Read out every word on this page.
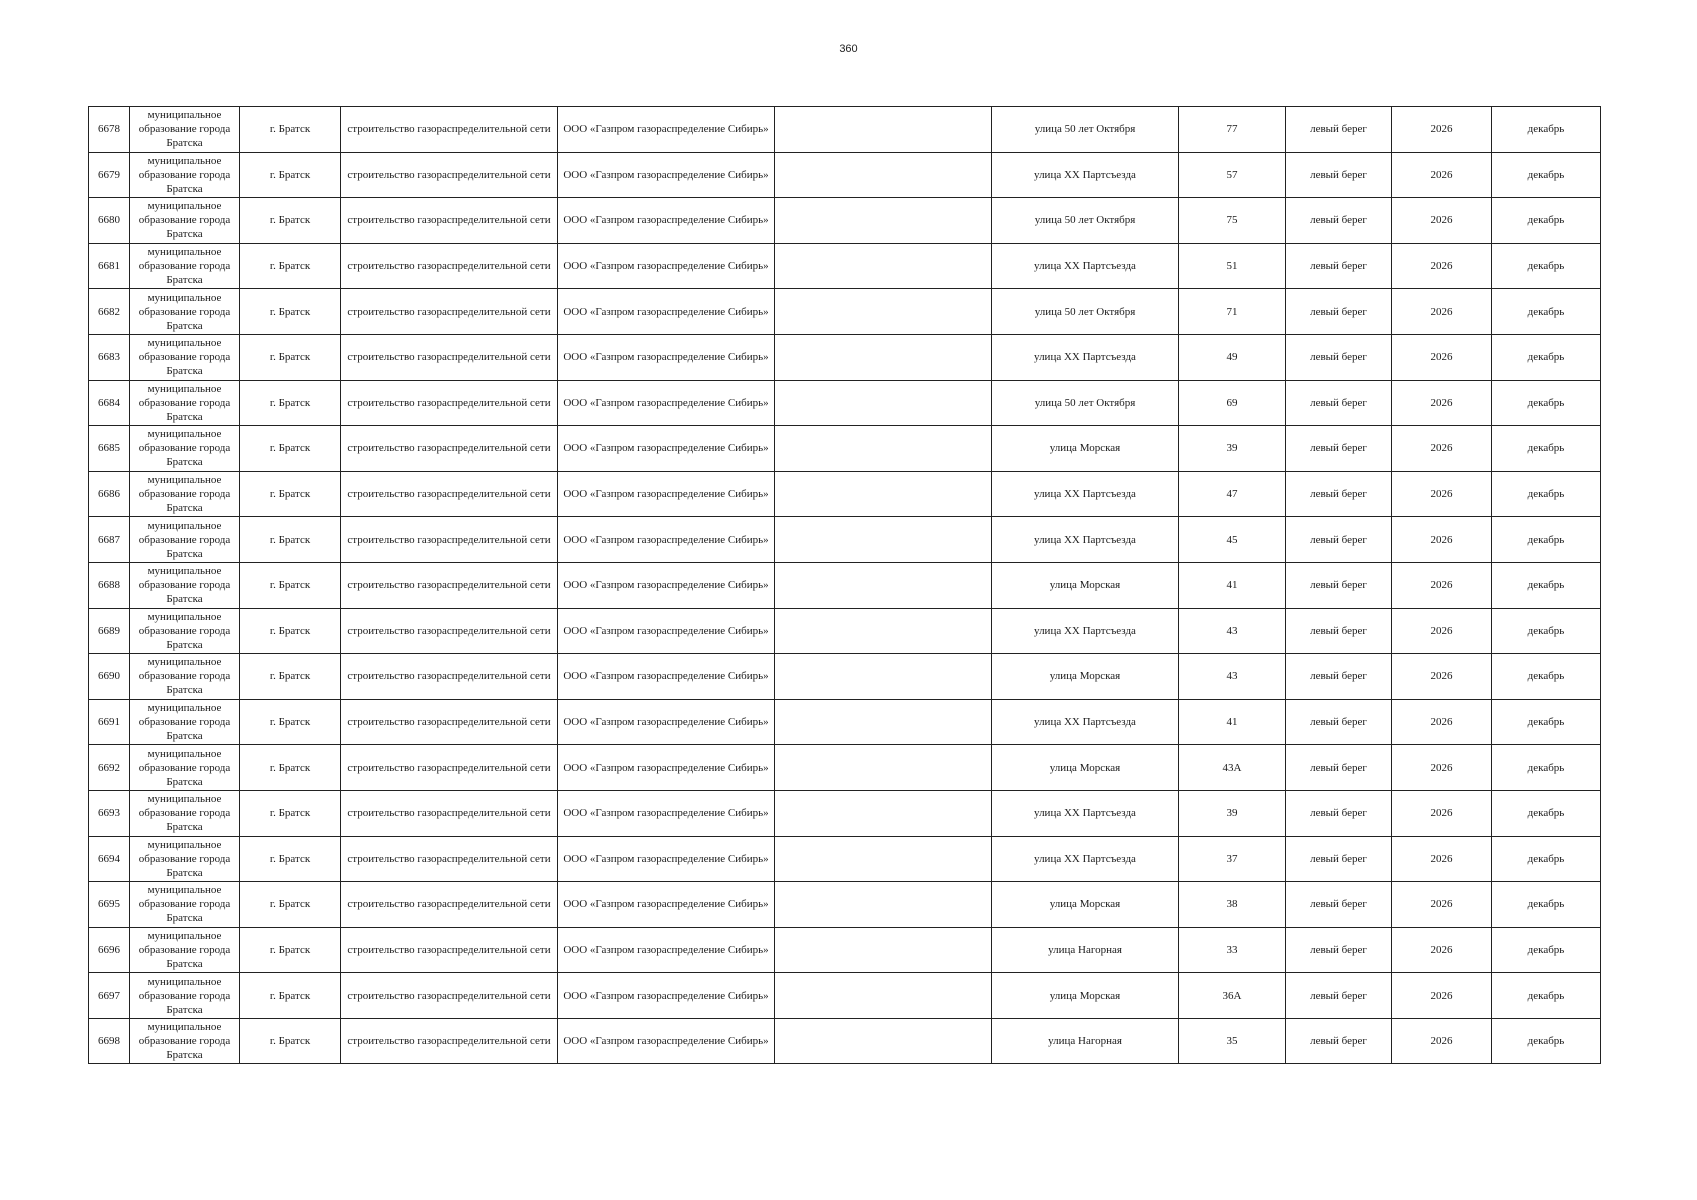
360
6678	муниципальное образование города Братска	г. Братск	строительство газораспределительной сети	ООО «Газпром газораспределение Сибирь»		улица 50 лет Октября	77	левый берег	2026	декабрь
6679	муниципальное образование города Братска	г. Братск	строительство газораспределительной сети	ООО «Газпром газораспределение Сибирь»		улица XX Партсъезда	57	левый берег	2026	декабрь
6680	муниципальное образование города Братска	г. Братск	строительство газораспределительной сети	ООО «Газпром газораспределение Сибирь»		улица 50 лет Октября	75	левый берег	2026	декабрь
6681	муниципальное образование города Братска	г. Братск	строительство газораспределительной сети	ООО «Газпром газораспределение Сибирь»		улица XX Партсъезда	51	левый берег	2026	декабрь
6682	муниципальное образование города Братска	г. Братск	строительство газораспределительной сети	ООО «Газпром газораспределение Сибирь»		улица 50 лет Октября	71	левый берег	2026	декабрь
6683	муниципальное образование города Братска	г. Братск	строительство газораспределительной сети	ООО «Газпром газораспределение Сибирь»		улица XX Партсъезда	49	левый берег	2026	декабрь
6684	муниципальное образование города Братска	г. Братск	строительство газораспределительной сети	ООО «Газпром газораспределение Сибирь»		улица 50 лет Октября	69	левый берег	2026	декабрь
6685	муниципальное образование города Братска	г. Братск	строительство газораспределительной сети	ООО «Газпром газораспределение Сибирь»		улица Морская	39	левый берег	2026	декабрь
6686	муниципальное образование города Братска	г. Братск	строительство газораспределительной сети	ООО «Газпром газораспределение Сибирь»		улица XX Партсъезда	47	левый берег	2026	декабрь
6687	муниципальное образование города Братска	г. Братск	строительство газораспределительной сети	ООО «Газпром газораспределение Сибирь»		улица XX Партсъезда	45	левый берег	2026	декабрь
6688	муниципальное образование города Братска	г. Братск	строительство газораспределительной сети	ООО «Газпром газораспределение Сибирь»		улица Морская	41	левый берег	2026	декабрь
6689	муниципальное образование города Братска	г. Братск	строительство газораспределительной сети	ООО «Газпром газораспределение Сибирь»		улица XX Партсъезда	43	левый берег	2026	декабрь
6690	муниципальное образование города Братска	г. Братск	строительство газораспределительной сети	ООО «Газпром газораспределение Сибирь»		улица Морская	43	левый берег	2026	декабрь
6691	муниципальное образование города Братска	г. Братск	строительство газораспределительной сети	ООО «Газпром газораспределение Сибирь»		улица XX Партсъезда	41	левый берег	2026	декабрь
6692	муниципальное образование города Братска	г. Братск	строительство газораспределительной сети	ООО «Газпром газораспределение Сибирь»		улица Морская	43А	левый берег	2026	декабрь
6693	муниципальное образование города Братска	г. Братск	строительство газораспределительной сети	ООО «Газпром газораспределение Сибирь»		улица XX Партсъезда	39	левый берег	2026	декабрь
6694	муниципальное образование города Братска	г. Братск	строительство газораспределительной сети	ООО «Газпром газораспределение Сибирь»		улица XX Партсъезда	37	левый берег	2026	декабрь
6695	муниципальное образование города Братска	г. Братск	строительство газораспределительной сети	ООО «Газпром газораспределение Сибирь»		улица Морская	38	левый берег	2026	декабрь
6696	муниципальное образование города Братска	г. Братск	строительство газораспределительной сети	ООО «Газпром газораспределение Сибирь»		улица Нагорная	33	левый берег	2026	декабрь
6697	муниципальное образование города Братска	г. Братск	строительство газораспределительной сети	ООО «Газпром газораспределение Сибирь»		улица Морская	36А	левый берег	2026	декабрь
6698	муниципальное образование города Братска	г. Братск	строительство газораспределительной сети	ООО «Газпром газораспределение Сибирь»		улица Нагорная	35	левый берег	2026	декабрь
